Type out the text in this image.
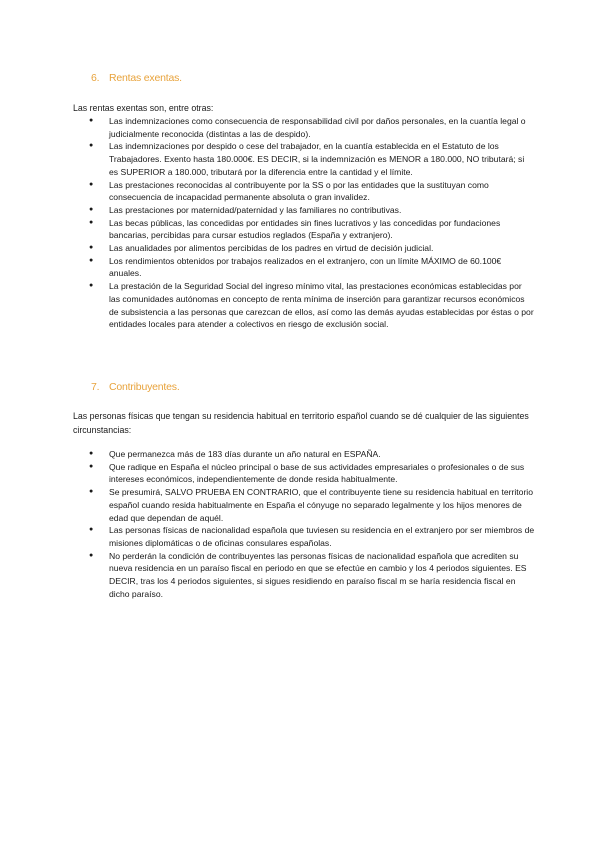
6. Rentas exentas.
Las rentas exentas son, entre otras:
● Las indemnizaciones como consecuencia de responsabilidad civil por daños personales, en la cuantía legal o judicialmente reconocida (distintas a las de despido).
● Las indemnizaciones por despido o cese del trabajador, en la cuantía establecida en el Estatuto de los Trabajadores. Exento hasta 180.000€. ES DECIR, si la indemnización es MENOR a 180.000, NO tributará; si es SUPERIOR a 180.000, tributará por la diferencia entre la cantidad y el límite.
● Las prestaciones reconocidas al contribuyente por la SS o por las entidades que la sustituyan como consecuencia de incapacidad permanente absoluta o gran invalidez.
● Las prestaciones por maternidad/paternidad y las familiares no contributivas.
● Las becas públicas, las concedidas por entidades sin fines lucrativos y las concedidas por fundaciones bancarias, percibidas para cursar estudios reglados (España y extranjero).
● Las anualidades por alimentos percibidas de los padres en virtud de decisión judicial.
● Los rendimientos obtenidos por trabajos realizados en el extranjero, con un límite MÁXIMO de 60.100€ anuales.
● La prestación de la Seguridad Social del ingreso mínimo vital, las prestaciones económicas establecidas por las comunidades autónomas en concepto de renta mínima de inserción para garantizar recursos económicos de subsistencia a las personas que carezcan de ellos, así como las demás ayudas establecidas por éstas o por entidades locales para atender a colectivos en riesgo de exclusión social.
7. Contribuyentes.
Las personas físicas que tengan su residencia habitual en territorio español cuando se dé cualquier de las siguientes circunstancias:
● Que permanezca más de 183 días durante un año natural en ESPAÑA.
● Que radique en España el núcleo principal o base de sus actividades empresariales o profesionales o de sus intereses económicos, independientemente de donde resida habitualmente.
● Se presumirá, SALVO PRUEBA EN CONTRARIO, que el contribuyente tiene su residencia habitual en territorio español cuando resida habitualmente en España el cónyuge no separado legalmente y los hijos menores de edad que dependan de aquél.
● Las personas físicas de nacionalidad española que tuviesen su residencia en el extranjero por ser miembros de misiones diplomáticas o de oficinas consulares españolas.
● No perderán la condición de contribuyentes las personas físicas de nacionalidad española que acrediten su nueva residencia en un paraíso fiscal en periodo en que se efectúe en cambio y los 4 periodos siguientes. ES DECIR, tras los 4 periodos siguientes, si sigues residiendo en paraíso fiscal m se haría residencia fiscal en dicho paraíso.
